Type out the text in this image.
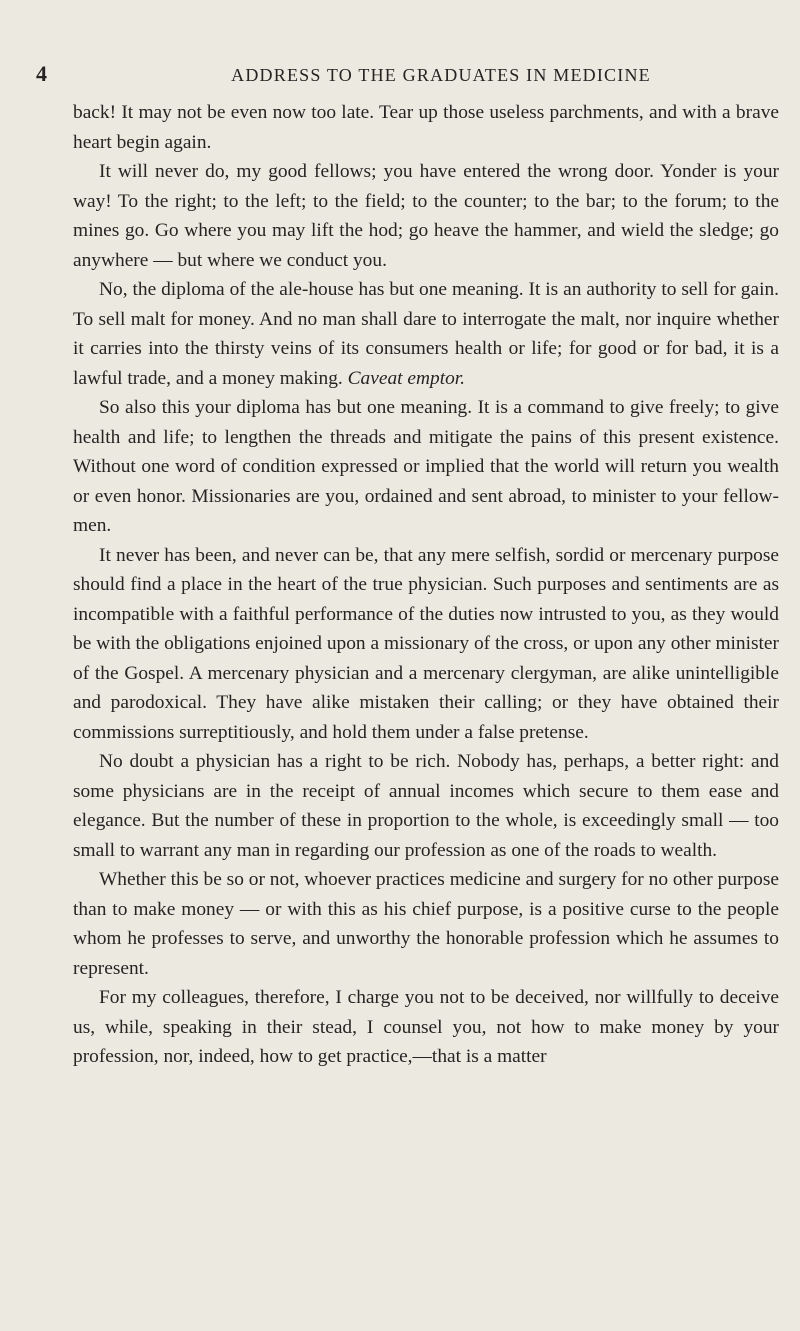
4	ADDRESS TO THE GRADUATES IN MEDICINE

back! It may not be even now too late. Tear up those useless parchments, and with a brave heart begin again.

It will never do, my good fellows; you have entered the wrong door. Yonder is your way! To the right; to the left; to the field; to the counter; to the bar; to the forum; to the mines go. Go where you may lift the hod; go heave the hammer, and wield the sledge; go anywhere — but where we conduct you.

No, the diploma of the ale-house has but one meaning. It is an authority to sell for gain. To sell malt for money. And no man shall dare to interrogate the malt, nor inquire whether it carries into the thirsty veins of its consumers health or life; for good or for bad, it is a lawful trade, and a money making. Caveat emptor.

So also this your diploma has but one meaning. It is a command to give freely; to give health and life; to lengthen the threads and mitigate the pains of this present existence. Without one word of condition expressed or implied that the world will return you wealth or even honor. Missionaries are you, ordained and sent abroad, to minister to your fellow-men.

It never has been, and never can be, that any mere selfish, sordid or mercenary purpose should find a place in the heart of the true physician. Such purposes and sentiments are as incompatible with a faithful performance of the duties now intrusted to you, as they would be with the obligations enjoined upon a missionary of the cross, or upon any other minister of the Gospel. A mercenary physician and a mercenary clergyman, are alike unintelligible and parodoxical. They have alike mistaken their calling; or they have obtained their commissions surreptitiously, and hold them under a false pretense.

No doubt a physician has a right to be rich. Nobody has, perhaps, a better right: and some physicians are in the receipt of annual incomes which secure to them ease and elegance. But the number of these in proportion to the whole, is exceedingly small — too small to warrant any man in regarding our profession as one of the roads to wealth.

Whether this be so or not, whoever practices medicine and surgery for no other purpose than to make money — or with this as his chief purpose, is a positive curse to the people whom he professes to serve, and unworthy the honorable profession which he assumes to represent.

For my colleagues, therefore, I charge you not to be deceived, nor willfully to deceive us, while, speaking in their stead, I counsel you, not how to make money by your profession, nor, indeed, how to get practice,—that is a matter
